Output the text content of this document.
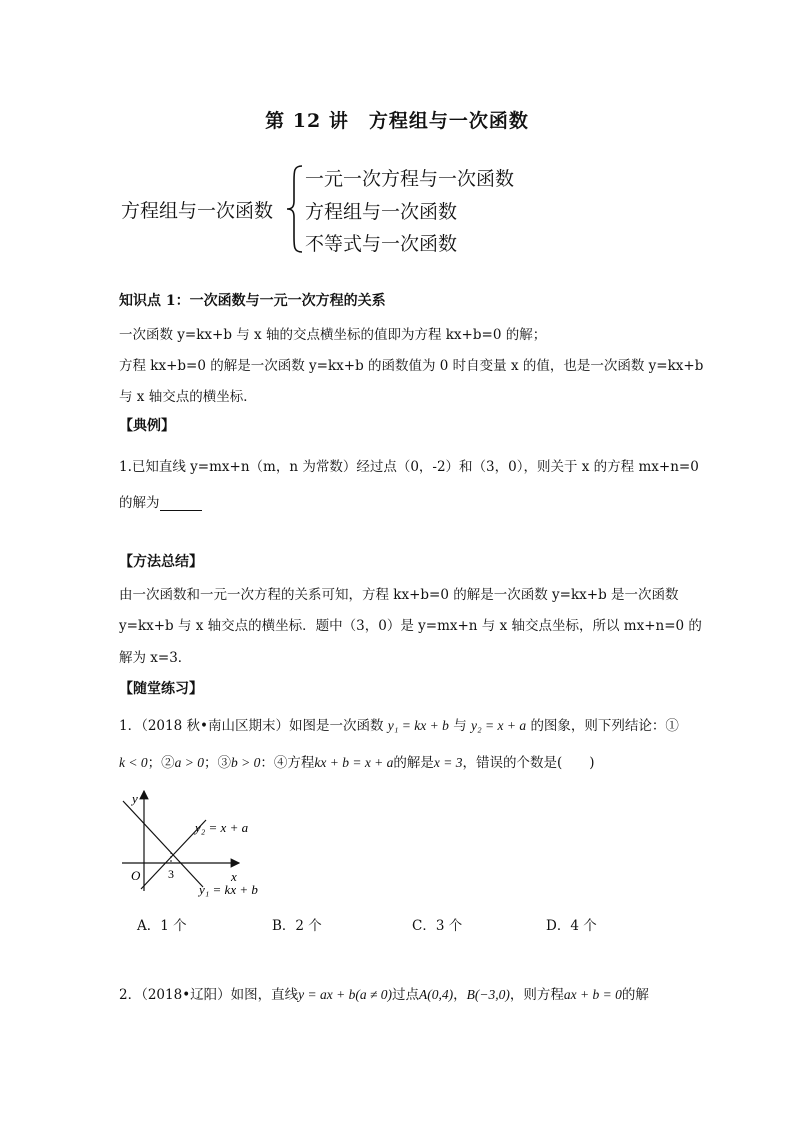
第 12 讲　方程组与一次函数
方程组与一次函数
一元一次方程与一次函数
方程组与一次函数
不等式与一次函数
知识点 1：一次函数与一元一次方程的关系
一次函数 y=kx+b 与 x 轴的交点横坐标的值即为方程 kx+b=0 的解；
方程 kx+b=0 的解是一次函数 y=kx+b 的函数值为 0 时自变量 x 的值，也是一次函数 y=kx+b
与 x 轴交点的横坐标．
【典例】
1.已知直线 y=mx+n（m，n 为常数）经过点（0，-2）和（3，0），则关于 x 的方程 mx+n=0
的解为
【方法总结】
由一次函数和一元一次方程的关系可知，方程 kx+b=0 的解是一次函数 y=kx+b 是一次函数
y=kx+b 与 x 轴交点的横坐标．题中（3，0）是 y=mx+n 与 x 轴交点坐标，所以 mx+n=0 的
解为 x=3．
【随堂练习】
1．（2018 秋•南山区期末）如图是一次函数 y₁ = kx + b 与 y₂ = x + a 的图象，则下列结论：①
k < 0；②a > 0；③b > 0：④方程kx + b = x + a的解是x = 3，错误的个数是(　　)
y
x
O 3
y₂ = x + a
y₁ = kx + b
A．1 个	B．2 个	C．3 个	D．4 个
2．（2018•辽阳）如图，直线y = ax + b(a ≠ 0)过点A(0,4)，B(−3,0)，则方程ax + b = 0的解
